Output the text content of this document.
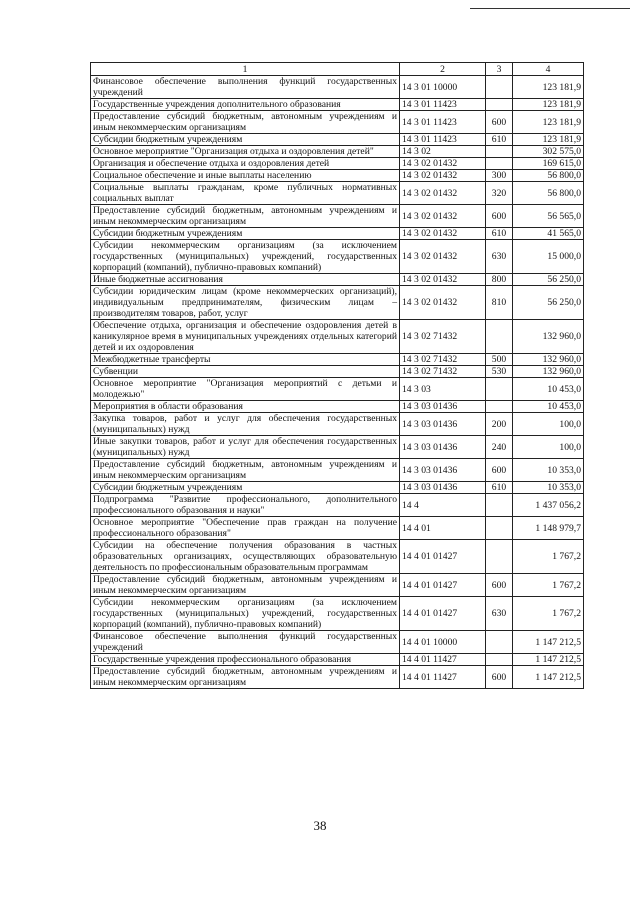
1	2	3	4
Финансовое обеспечение выполнения функций государственных учреждений	14 3 01 10000		123 181,9
Государственные учреждения дополнительного образования	14 3 01 11423		123 181,9
Предоставление субсидий бюджетным, автономным учреждениям и иным некоммерческим организациям	14 3 01 11423	600	123 181,9
Субсидии бюджетным учреждениям	14 3 01 11423	610	123 181,9
Основное мероприятие "Организация отдыха и оздоровления детей"	14 3 02		302 575,0
Организация и обеспечение отдыха и оздоровления детей	14 3 02 01432		169 615,0
Социальное обеспечение и иные выплаты населению	14 3 02 01432	300	56 800,0
Социальные выплаты гражданам, кроме публичных нормативных социальных выплат	14 3 02 01432	320	56 800,0
Предоставление субсидий бюджетным, автономным учреждениям и иным некоммерческим организациям	14 3 02 01432	600	56 565,0
Субсидии бюджетным учреждениям	14 3 02 01432	610	41 565,0
Субсидии некоммерческим организациям (за исключением государственных (муниципальных) учреждений, государственных корпораций (компаний), публично-правовых компаний)	14 3 02 01432	630	15 000,0
Иные бюджетные ассигнования	14 3 02 01432	800	56 250,0
Субсидии юридическим лицам (кроме некоммерческих организаций), индивидуальным предпринимателям, физическим лицам – производителям товаров, работ, услуг	14 3 02 01432	810	56 250,0
Обеспечение отдыха, организация и обеспечение оздоровления детей в каникулярное время в муниципальных учреждениях отдельных категорий детей и их оздоровления	14 3 02 71432		132 960,0
Межбюджетные трансферты	14 3 02 71432	500	132 960,0
Субвенции	14 3 02 71432	530	132 960,0
Основное мероприятие "Организация мероприятий с детьми и молодежью"	14 3 03		10 453,0
Мероприятия в области образования	14 3 03 01436		10 453,0
Закупка товаров, работ и услуг для обеспечения государственных (муниципальных) нужд	14 3 03 01436	200	100,0
Иные закупки товаров, работ и услуг для обеспечения государственных (муниципальных) нужд	14 3 03 01436	240	100,0
Предоставление субсидий бюджетным, автономным учреждениям и иным некоммерческим организациям	14 3 03 01436	600	10 353,0
Субсидии бюджетным учреждениям	14 3 03 01436	610	10 353,0
Подпрограмма "Развитие профессионального, дополнительного профессионального образования и науки"	14 4		1 437 056,2
Основное мероприятие "Обеспечение прав граждан на получение профессионального образования"	14 4 01		1 148 979,7
Субсидии на обеспечение получения образования в частных образовательных организациях, осуществляющих образовательную деятельность по профессиональным образовательным программам	14 4 01 01427		1 767,2
Предоставление субсидий бюджетным, автономным учреждениям и иным некоммерческим организациям	14 4 01 01427	600	1 767,2
Субсидии некоммерческим организациям (за исключением государственных (муниципальных) учреждений, государственных корпораций (компаний), публично-правовых компаний)	14 4 01 01427	630	1 767,2
Финансовое обеспечение выполнения функций государственных учреждений	14 4 01 10000		1 147 212,5
Государственные учреждения профессионального образования	14 4 01 11427		1 147 212,5
Предоставление субсидий бюджетным, автономным учреждениям и иным некоммерческим организациям	14 4 01 11427	600	1 147 212,5
38
